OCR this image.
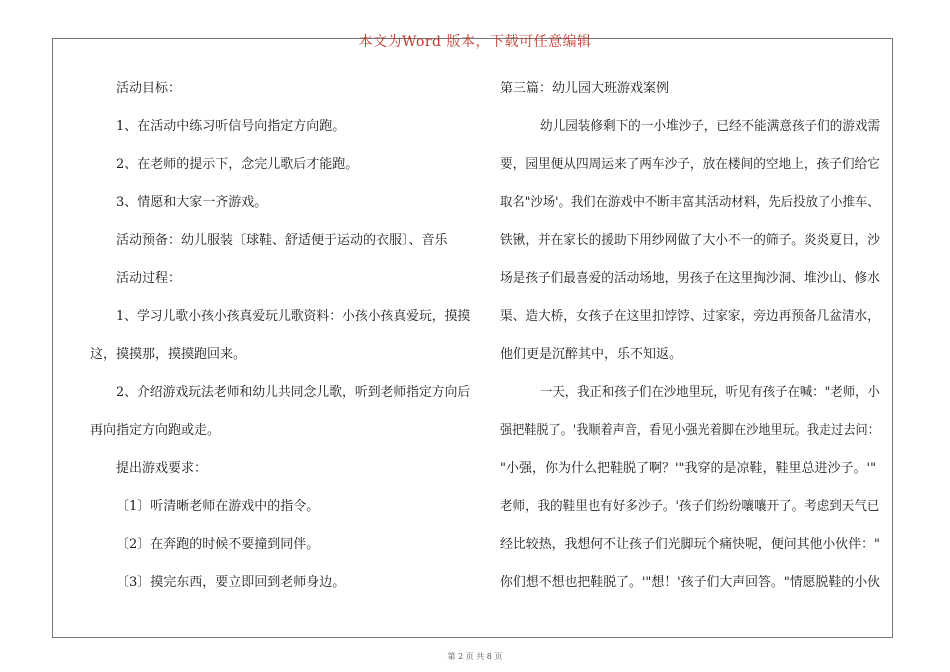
本文为Word 版本，下载可任意编辑

活动目标：

1、在活动中练习听信号向指定方向跑。

2、在老师的提示下，念完儿歌后才能跑。

3、情愿和大家一齐游戏。

活动预备：幼儿服装〔球鞋、舒适便于运动的衣服〕、音乐

活动过程：

1、学习儿歌小孩小孩真爱玩儿歌资料：小孩小孩真爱玩，摸摸

这，摸摸那，摸摸跑回来。

2、介绍游戏玩法老师和幼儿共同念儿歌，听到老师指定方向后

再向指定方向跑或走。

提出游戏要求：

〔1〕听清晰老师在游戏中的指令。

〔2〕在奔跑的时候不要撞到同伴。

〔3〕摸完东西，要立即回到老师身边。

第三篇：幼儿园大班游戏案例

幼儿园装修剩下的一小堆沙子，已经不能满意孩子们的游戏需

要，园里便从四周运来了两车沙子，放在楼间的空地上，孩子们给它

取名"沙场'。我们在游戏中不断丰富其活动材料，先后投放了小推车、

铁锹，并在家长的援助下用纱网做了大小不一的筛子。炎炎夏日，沙

场是孩子们最喜爱的活动场地，男孩子在这里掏沙洞、堆沙山、修水

渠、造大桥，女孩子在这里扣饽饽、过家家，旁边再预备几盆清水，

他们更是沉醉其中，乐不知返。

一天，我正和孩子们在沙地里玩，听见有孩子在喊："老师，小

强把鞋脱了。'我顺着声音，看见小强光着脚在沙地里玩。我走过去问：

"小强，你为什么把鞋脱了啊？'"我穿的是凉鞋，鞋里总进沙子。'"

老师，我的鞋里也有好多沙子。'孩子们纷纷嚷嚷开了。考虑到天气已

经比较热，我想何不让孩子们光脚玩个痛快呢，便问其他小伙伴："

你们想不想也把鞋脱了。'"想！'孩子们大声回答。"情愿脱鞋的小伙

第 2 页 共 8 页
